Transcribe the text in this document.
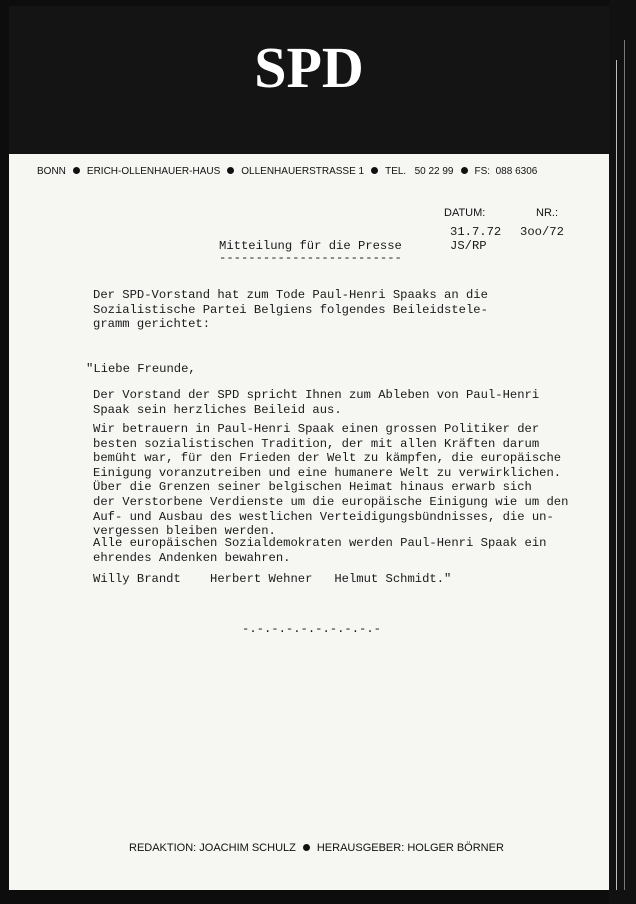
SPD
BONN ERICH-OLLENHAUER-HAUS OLLENHAUERSTRASSE 1 TEL. 50 22 99 FS: 088 6306
DATUM:	NR.:
31.7.72 3oo/72
JS/RP
Mitteilung für die Presse
-------------------------
Der SPD-Vorstand hat zum Tode Paul-Henri Spaaks an die
Sozialistische Partei Belgiens folgendes Beileidstele-
gramm gerichtet:
"Liebe Freunde,
Der Vorstand der SPD spricht Ihnen zum Ableben von Paul-Henri
Spaak sein herzliches Beileid aus.
Wir betrauern in Paul-Henri Spaak einen grossen Politiker der
besten sozialistischen Tradition, der mit allen Kräften darum
bemüht war, für den Frieden der Welt zu kämpfen, die europäische
Einigung voranzutreiben und eine humanere Welt zu verwirklichen.
Über die Grenzen seiner belgischen Heimat hinaus erwarb sich
der Verstorbene Verdienste um die europäische Einigung wie um den
Auf- und Ausbau des westlichen Verteidigungsbündnisses, die un-
vergessen bleiben werden.
Alle europäischen Sozialdemokraten werden Paul-Henri Spaak ein
ehrendes Andenken bewahren.
Willy Brandt    Herbert Wehner   Helmut Schmidt."
-.-.-.-.-.-.-.-.-.-
REDAKTION: JOACHIM SCHULZ HERAUSGEBER: HOLGER BÖRNER
